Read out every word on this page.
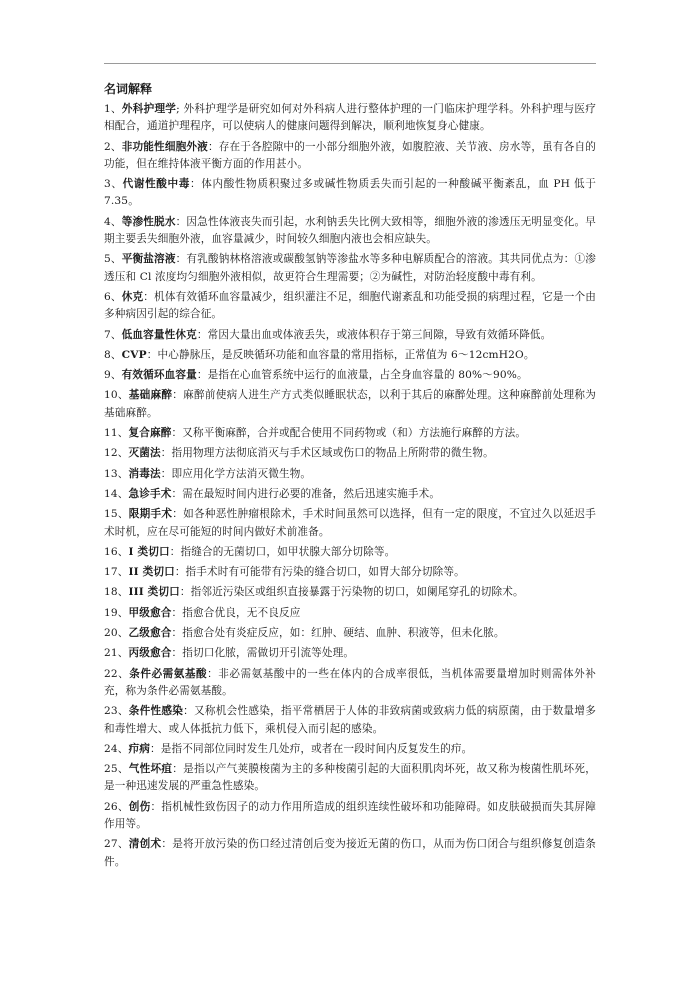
名词解释
1、外科护理学; 外科护理学是研究如何对外科病人进行整体护理的一门临床护理学科。外科护理与医疗相配合，通道护理程序，可以使病人的健康问题得到解决，顺利地恢复身心健康。
2、非功能性细胞外液：存在于各腔隙中的一小部分细胞外液，如腹腔液、关节液、房水等，虽有各自的功能，但在维持体液平衡方面的作用甚小。
3、代谢性酸中毒：体内酸性物质积聚过多或碱性物质丢失而引起的一种酸碱平衡紊乱，血 PH 低于 7.35。
4、等渗性脱水：因急性体液丧失而引起，水利钠丢失比例大致相等，细胞外液的渗透压无明显变化。早期主要丢失细胞外液，血容量减少，时间较久细胞内液也会相应缺失。
5、平衡盐溶液：有乳酸钠林格溶液或碳酸氢钠等渗盐水等多种电解质配合的溶液。其共同优点为：①渗透压和 Cl 浓度均匀细胞外液相似，故更符合生理需要；②为碱性，对防治轻度酸中毒有利。
6、休克：机体有效循环血容量减少，组织灌注不足，细胞代谢紊乱和功能受损的病理过程，它是一个由多种病因引起的综合征。
7、低血容量性休克：常因大量出血或体液丢失，或液体积存于第三间隙，导致有效循环降低。
8、CVP：中心静脉压，是反映循环功能和血容量的常用指标，正常值为 6～12cmH2O。
9、有效循环血容量：是指在心血管系统中运行的血液量，占全身血容量的 80%～90%。
10、基础麻醉：麻醉前使病人进生产方式类似睡眠状态，以利于其后的麻醉处理。这种麻醉前处理称为基础麻醉。
11、复合麻醉：又称平衡麻醉，合并或配合使用不同药物或（和）方法施行麻醉的方法。
12、灭菌法：指用物理方法彻底消灭与手术区域或伤口的物品上所附带的微生物。
13、消毒法：即应用化学方法消灭微生物。
14、急诊手术：需在最短时间内进行必要的准备，然后迅速实施手术。
15、限期手术：如各种恶性肿瘤根除术，手术时间虽然可以选择，但有一定的限度，不宜过久以延迟手术时机，应在尽可能短的时间内做好术前准备。
16、I 类切口：指缝合的无菌切口，如甲状腺大部分切除等。
17、II 类切口：指手术时有可能带有污染的缝合切口，如胃大部分切除等。
18、III 类切口：指邻近污染区或组织直接暴露于污染物的切口，如阑尾穿孔的切除术。
19、甲级愈合：指愈合优良，无不良反应
20、乙级愈合：指愈合处有炎症反应，如：红肿、硬结、血肿、积液等，但未化脓。
21、丙级愈合：指切口化脓，需做切开引流等处理。
22、条件必需氨基酸：非必需氨基酸中的一些在体内的合成率很低，当机体需要量增加时则需体外补充，称为条件必需氨基酸。
23、条件性感染：又称机会性感染，指平常栖居于人体的非致病菌或致病力低的病原菌，由于数量增多和毒性增大、或人体抵抗力低下，乘机侵入而引起的感染。
24、疖病：是指不同部位同时发生几处疖，或者在一段时间内反复发生的疖。
25、气性坏疽：是指以产气荚膜梭菌为主的多种梭菌引起的大面积肌肉坏死，故又称为梭菌性肌坏死，是一种迅速发展的严重急性感染。
26、创伤：指机械性致伤因子的动力作用所造成的组织连续性破坏和功能障碍。如皮肤破损而失其屏障作用等。
27、清创术：是将开放污染的伤口经过清创后变为接近无菌的伤口，从而为伤口闭合与组织修复创造条件。
